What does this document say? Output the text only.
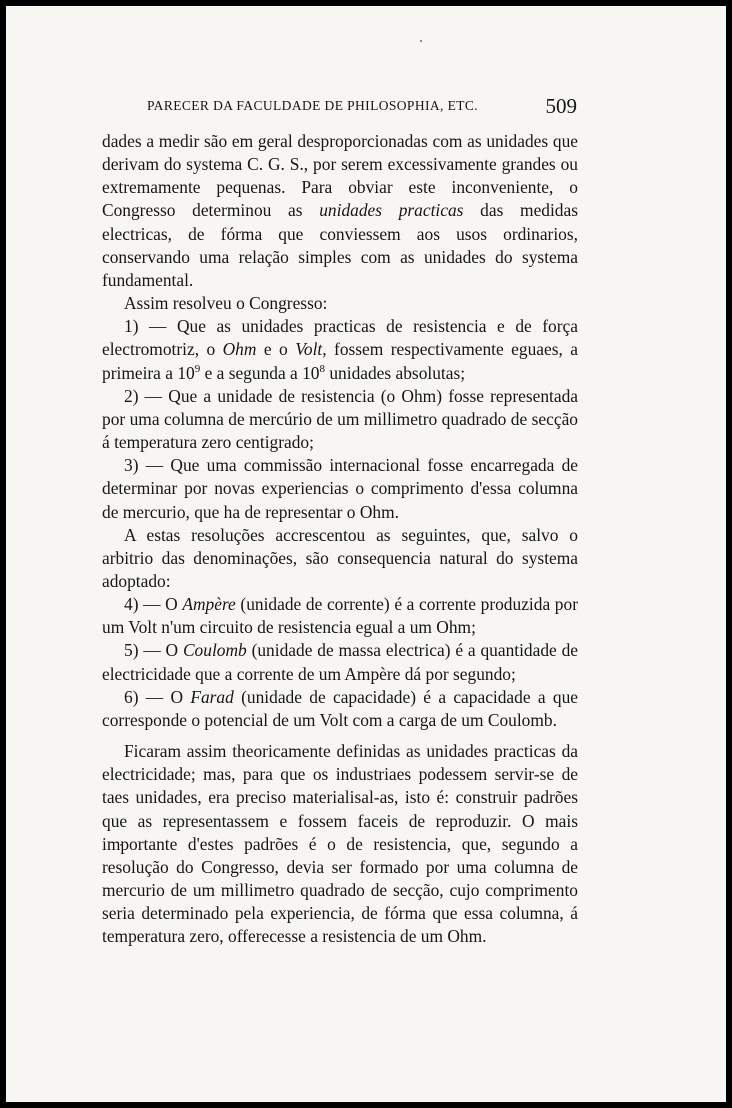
PARECER DA FACULDADE DE PHILOSOPHIA, ETC.	509

dades a medir são em geral desproporcionadas com as unidades que derivam do systema C. G. S., por serem excessivamente grandes ou extremamente pequenas. Para obviar este inconveniente, o Congresso determinou as unidades practicas das medidas electricas, de fórma que conviessem aos usos ordinarios, conservando uma relação simples com as unidades do systema fundamental.

Assim resolveu o Congresso:

1) — Que as unidades practicas de resistencia e de força electromotriz, o Ohm e o Volt, fossem respectivamente eguaes, a primeira a $10^9$ e a segunda a $10^8$ unidades absolutas;

2) — Que a unidade de resistencia (o Ohm) fosse representada por uma columna de mercúrio de um millimetro quadrado de secção á temperatura zero centigrado;

3) — Que uma commissão internacional fosse encarregada de determinar por novas experiencias o comprimento d'essa columna de mercurio, que ha de representar o Ohm.

A estas resoluções accrescentou as seguintes, que, salvo o arbitrio das denominações, são consequencia natural do systema adoptado:

4) — O Ampère (unidade de corrente) é a corrente produzida por um Volt n'um circuito de resistencia egual a um Ohm;

5) — O Coulomb (unidade de massa electrica) é a quantidade de electricidade que a corrente de um Ampère dá por segundo;

6) — O Farad (unidade de capacidade) é a capacidade a que corresponde o potencial de um Volt com a carga de um Coulomb.

Ficaram assim theoricamente definidas as unidades practicas da electricidade; mas, para que os industriaes podessem servir-se de taes unidades, era preciso materialisal-as, isto é: construir padrões que as representassem e fossem faceis de reproduzir. O mais importante d'estes padrões é o de resistencia, que, segundo a resolução do Congresso, devia ser formado por uma columna de mercurio de um millimetro quadrado de secção, cujo comprimento seria determinado pela experiencia, de fórma que essa columna, á temperatura zero, offerecesse a resistencia de um Ohm.
